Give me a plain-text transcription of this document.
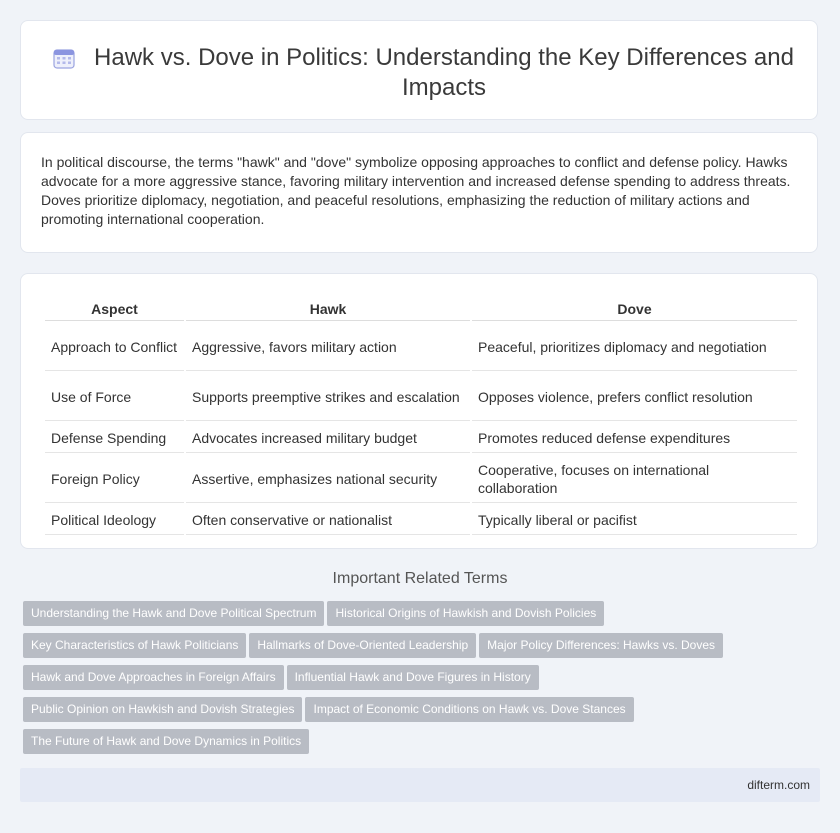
Hawk vs. Dove in Politics: Understanding the Key Differences and Impacts

In political discourse, the terms "hawk" and "dove" symbolize opposing approaches to conflict and defense policy. Hawks advocate for a more aggressive stance, favoring military intervention and increased defense spending to address threats. Doves prioritize diplomacy, negotiation, and peaceful resolutions, emphasizing the reduction of military actions and promoting international cooperation.

Aspect	Hawk	Dove
Approach to Conflict	Aggressive, favors military action	Peaceful, prioritizes diplomacy and negotiation
Use of Force	Supports preemptive strikes and escalation	Opposes violence, prefers conflict resolution
Defense Spending	Advocates increased military budget	Promotes reduced defense expenditures
Foreign Policy	Assertive, emphasizes national security	Cooperative, focuses on international collaboration
Political Ideology	Often conservative or nationalist	Typically liberal or pacifist
Important Related Terms
Understanding the Hawk and Dove Political Spectrum Historical Origins of Hawkish and Dovish Policies
Key Characteristics of Hawk Politicians Hallmarks of Dove-Oriented Leadership Major Policy Differences: Hawks vs. Doves
Hawk and Dove Approaches in Foreign Affairs Influential Hawk and Dove Figures in History
Public Opinion on Hawkish and Dovish Strategies Impact of Economic Conditions on Hawk vs. Dove Stances
The Future of Hawk and Dove Dynamics in Politics
difterm.com
